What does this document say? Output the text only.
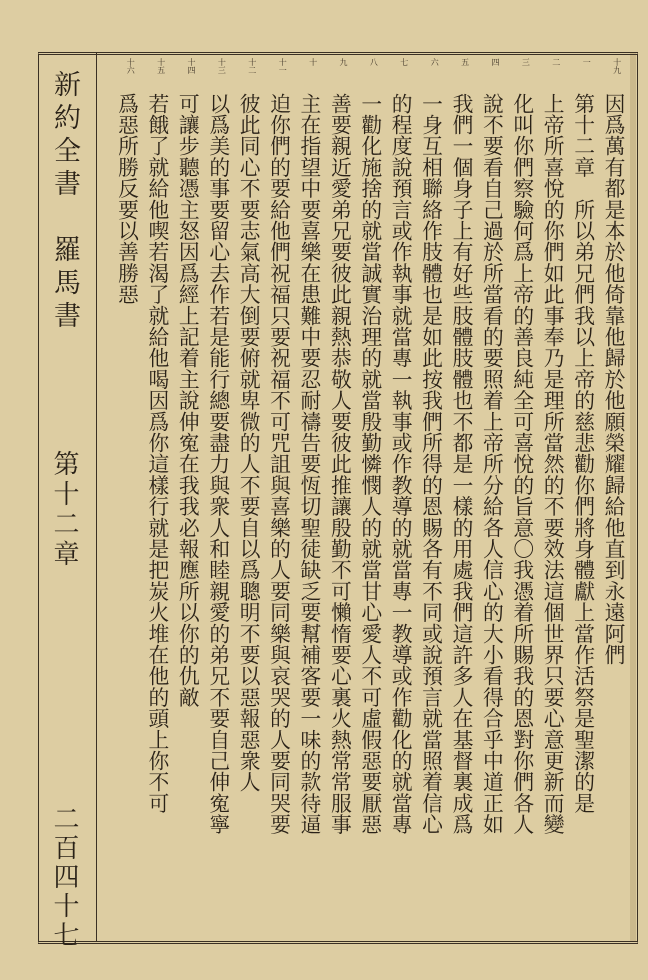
新約全書　羅馬書
第十二章
二百四十七
十九
一
二
三
四
五
六
七
八
九
十
十一
十二
十三
十四
十五
十六
因爲萬有都是本於他倚靠他歸於他願榮耀歸給他直到永遠阿們
第十二章　所以弟兄們我以上帝的慈悲勸你們將身體獻上當作活祭是聖潔的是
上帝所喜悅的你們如此事奉乃是理所當然的不要效法這個世界只要心意更新而變
化叫你們察驗何爲上帝的善良純全可喜悅的旨意〇我憑着所賜我的恩對你們各人
說不要看自己過於所當看的要照着上帝所分給各人信心的大小看得合乎中道正如
我們一個身子上有好些肢體肢體也不都是一樣的用處我們這許多人在基督裏成爲
一身互相聯絡作肢體也是如此按我們所得的恩賜各有不同或說預言就當照着信心
的程度說預言或作執事就當專一執事或作教導的就當專一教導或作勸化的就當專
一勸化施捨的就當誠實治理的就當殷勤憐憫人的就當甘心愛人不可虛假惡要厭惡
善要親近愛弟兄要彼此親熱恭敬人要彼此推讓殷勤不可懶惰要心裏火熱常常服事
主在指望中要喜樂在患難中要忍耐禱告要恆切聖徒缺乏要幫補客要一味的款待逼
迫你們的要給他們祝福只要祝福不可咒詛與喜樂的人要同樂與哀哭的人要同哭要
彼此同心不要志氣高大倒要俯就卑微的人不要自以爲聰明不要以惡報惡衆人
以爲美的事要留心去作若是能行總要盡力與衆人和睦親愛的弟兄不要自己伸寃寧
可讓步聽憑主怒因爲經上記着主說伸寃在我我必報應所以你的仇敵
若餓了就給他喫若渴了就給他喝因爲你這樣行就是把炭火堆在他的頭上你不可
爲惡所勝反要以善勝惡
